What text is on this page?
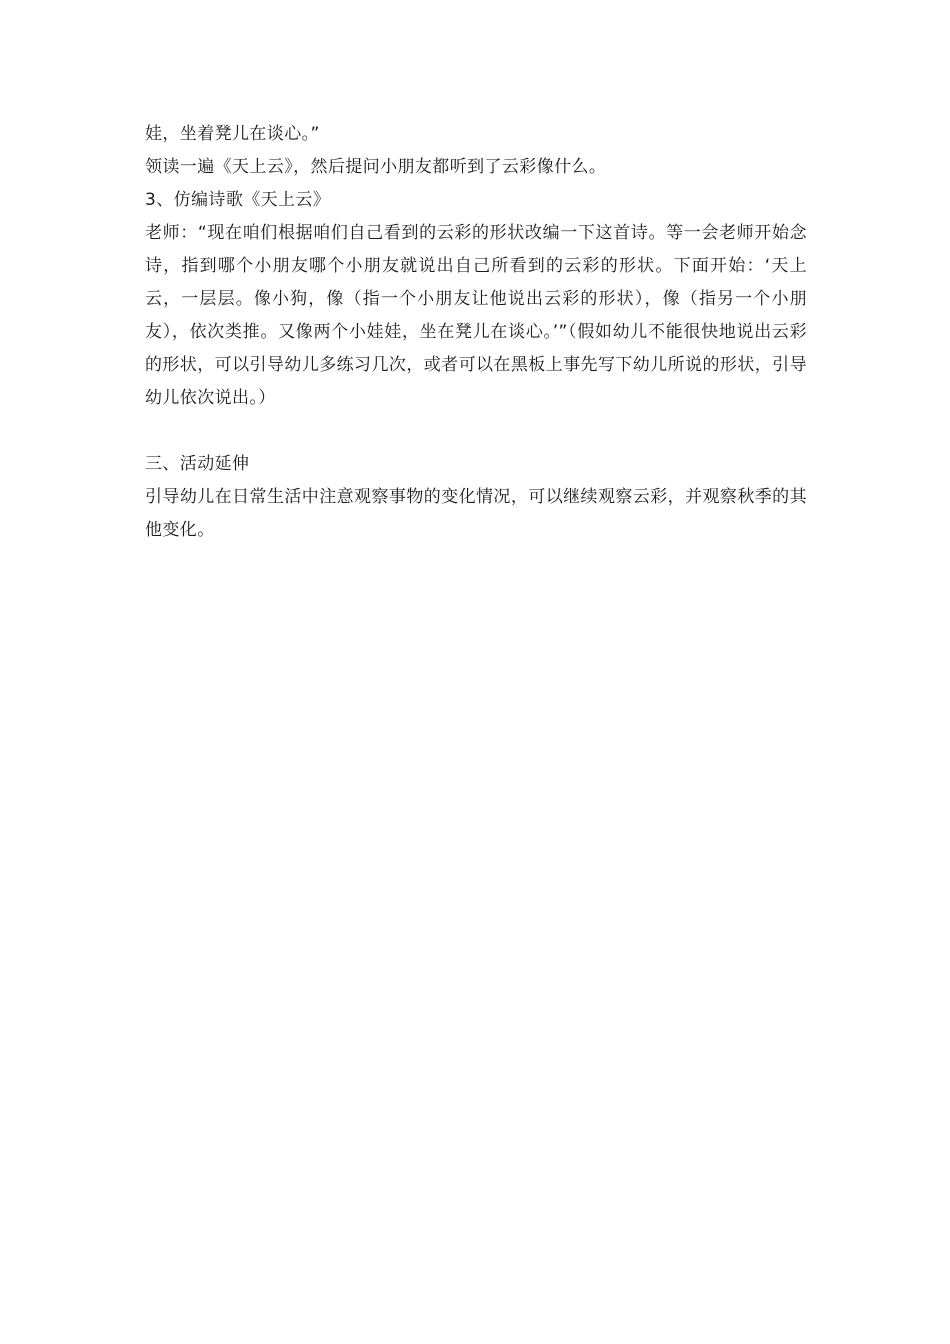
娃，坐着凳儿在谈心。”

领读一遍《天上云》，然后提问小朋友都听到了云彩像什么。

3、仿编诗歌《天上云》

老师：“现在咱们根据咱们自己看到的云彩的形状改编一下这首诗。等一会老师开始念诗，指到哪个小朋友哪个小朋友就说出自己所看到的云彩的形状。下面开始：‘天上云，一层层。像小狗，像（指一个小朋友让他说出云彩的形状），像（指另一个小朋友），依次类推。又像两个小娃娃，坐在凳儿在谈心。’”（假如幼儿不能很快地说出云彩的形状，可以引导幼儿多练习几次，或者可以在黑板上事先写下幼儿所说的形状，引导幼儿依次说出。）

三、活动延伸

引导幼儿在日常生活中注意观察事物的变化情况，可以继续观察云彩，并观察秋季的其他变化。
